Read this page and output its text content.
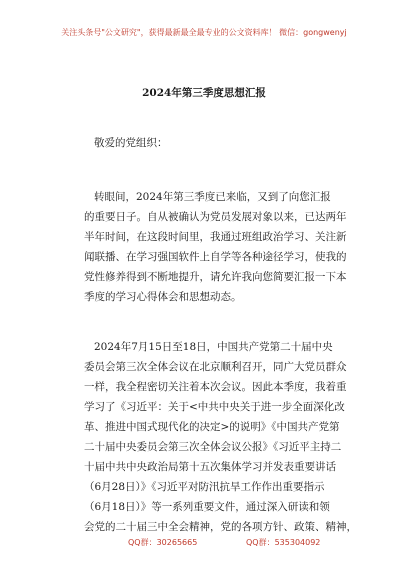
关注头条号"公文研究"，获得最新最全最专业的公文资料库！ 微信：gongwenyj
2024年第三季度思想汇报
敬爱的党组织：
转眼间，2024年第三季度已来临，又到了向您汇报
的重要日子。自从被确认为党员发展对象以来，已达两年
半年时间，在这段时间里，我通过班组政治学习、关注新
闻联播、在学习强国软件上自学等各种途径学习，使我的
党性修养得到不断地提升，请允许我向您简要汇报一下本
季度的学习心得体会和思想动态。
2024年7月15日至18日，中国共产党第二十届中央
委员会第三次全体会议在北京顺利召开，同广大党员群众
一样，我全程密切关注着本次会议。因此本季度，我着重
学习了《习近平：关于<中共中央关于进一步全面深化改
革、推进中国式现代化的决定>的说明》《中国共产党第
二十届中央委员会第三次全体会议公报》《习近平主持二
十届中共中央政治局第十五次集体学习并发表重要讲话
（6月28日）》《习近平对防汛抗旱工作作出重要指示
（6月18日）》等一系列重要文件，通过深入研读和领
会党的二十届三中全会精神，党的各项方针、政策、精神，
QQ群：30265665	QQ群：535304092
